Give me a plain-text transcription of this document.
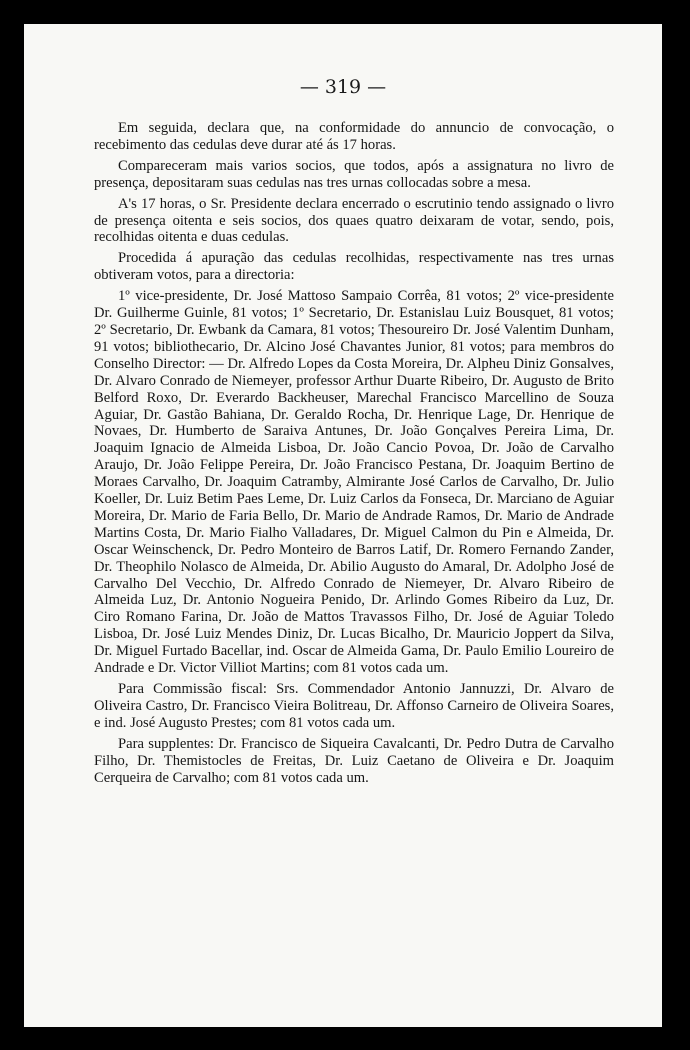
— 319 —

Em seguida, declara que, na conformidade do annuncio de convocação, o recebimento das cedulas deve durar até ás 17 horas.

Compareceram mais varios socios, que todos, após a assignatura no livro de presença, depositaram suas cedulas nas tres urnas collocadas sobre a mesa.

A's 17 horas, o Sr. Presidente declara encerrado o escrutinio tendo assignado o livro de presença oitenta e seis socios, dos quaes quatro deixaram de votar, sendo, pois, recolhidas oitenta e duas cedulas.

Procedida á apuração das cedulas recolhidas, respectivamente nas tres urnas obtiveram votos, para a directoria:

1º vice-presidente, Dr. José Mattoso Sampaio Corrêa, 81 votos; 2º vice-presidente Dr. Guilherme Guinle, 81 votos; 1º Secretario, Dr. Estanislau Luiz Bousquet, 81 votos; 2º Secretario, Dr. Ewbank da Camara, 81 votos; Thesoureiro Dr. José Valentim Dunham, 91 votos; bibliothecario, Dr. Alcino José Chavantes Junior, 81 votos; para membros do Conselho Director: — Dr. Alfredo Lopes da Costa Moreira, Dr. Alpheu Diniz Gonsalves, Dr. Alvaro Conrado de Niemeyer, professor Arthur Duarte Ribeiro, Dr. Augusto de Brito Belford Roxo, Dr. Everardo Backheuser, Marechal Francisco Marcellino de Souza Aguiar, Dr. Gastão Bahiana, Dr. Geraldo Rocha, Dr. Henrique Lage, Dr. Henrique de Novaes, Dr. Humberto de Saraiva Antunes, Dr. João Gonçalves Pereira Lima, Dr. Joaquim Ignacio de Almeida Lisboa, Dr. João Cancio Povoa, Dr. João de Carvalho Araujo, Dr. João Felippe Pereira, Dr. João Francisco Pestana, Dr. Joaquim Bertino de Moraes Carvalho, Dr. Joaquim Catramby, Almirante José Carlos de Carvalho, Dr. Julio Koeller, Dr. Luiz Betim Paes Leme, Dr. Luiz Carlos da Fonseca, Dr. Marciano de Aguiar Moreira, Dr. Mario de Faria Bello, Dr. Mario de Andrade Ramos, Dr. Mario de Andrade Martins Costa, Dr. Mario Fialho Valladares, Dr. Miguel Calmon du Pin e Almeida, Dr. Oscar Weinschenck, Dr. Pedro Monteiro de Barros Latif, Dr. Romero Fernando Zander, Dr. Theophilo Nolasco de Almeida, Dr. Abilio Augusto do Amaral, Dr. Adolpho José de Carvalho Del Vecchio, Dr. Alfredo Conrado de Niemeyer, Dr. Alvaro Ribeiro de Almeida Luz, Dr. Antonio Nogueira Penido, Dr. Arlindo Gomes Ribeiro da Luz, Dr. Ciro Romano Farina, Dr. João de Mattos Travassos Filho, Dr. José de Aguiar Toledo Lisboa, Dr. José Luiz Mendes Diniz, Dr. Lucas Bicalho, Dr. Mauricio Joppert da Silva, Dr. Miguel Furtado Bacellar, ind. Oscar de Almeida Gama, Dr. Paulo Emilio Loureiro de Andrade e Dr. Victor Villiot Martins; com 81 votos cada um.

Para Commissão fiscal: Srs. Commendador Antonio Jannuzzi, Dr. Alvaro de Oliveira Castro, Dr. Francisco Vieira Bolitreau, Dr. Affonso Carneiro de Oliveira Soares, e ind. José Augusto Prestes; com 81 votos cada um.

Para supplentes: Dr. Francisco de Siqueira Cavalcanti, Dr. Pedro Dutra de Carvalho Filho, Dr. Themistocles de Freitas, Dr. Luiz Caetano de Oliveira e Dr. Joaquim Cerqueira de Carvalho; com 81 votos cada um.
